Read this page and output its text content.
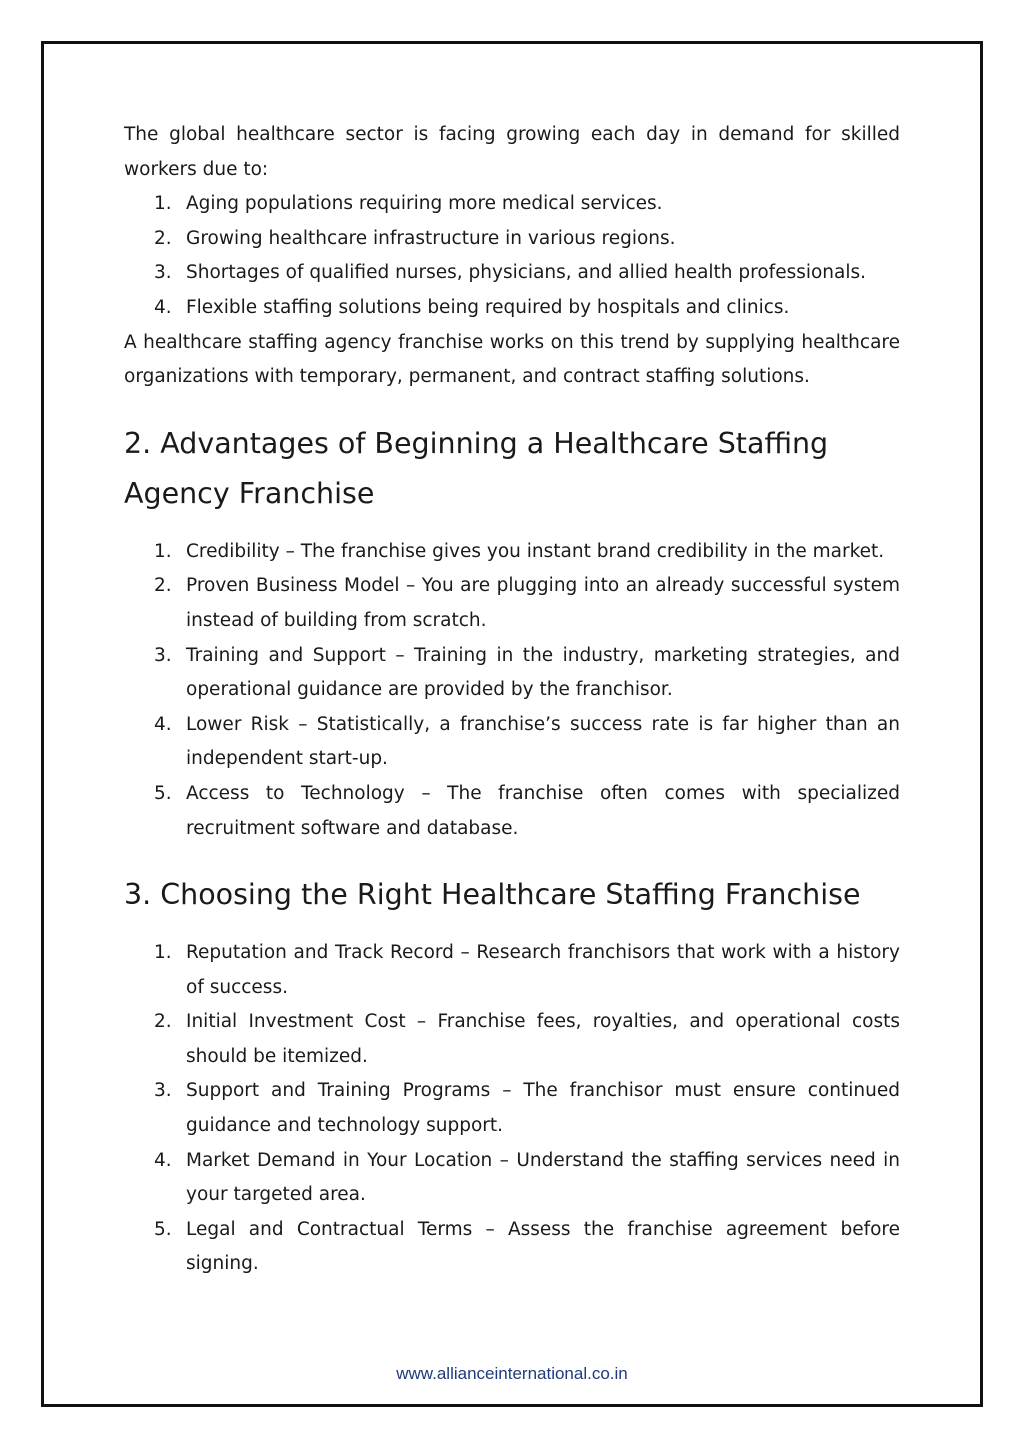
The global healthcare sector is facing growing each day in demand for skilled workers due to:

1. Aging populations requiring more medical services.
2. Growing healthcare infrastructure in various regions.
3. Shortages of qualified nurses, physicians, and allied health professionals.
4. Flexible staffing solutions being required by hospitals and clinics.

A healthcare staffing agency franchise works on this trend by supplying healthcare organizations with temporary, permanent, and contract staffing solutions.

2. Advantages of Beginning a Healthcare Staffing Agency Franchise
1. Credibility – The franchise gives you instant brand credibility in the market.
2. Proven Business Model – You are plugging into an already successful system instead of building from scratch.
3. Training and Support – Training in the industry, marketing strategies, and operational guidance are provided by the franchisor.
4. Lower Risk – Statistically, a franchise’s success rate is far higher than an independent start-up.
5. Access to Technology – The franchise often comes with specialized recruitment software and database.
3. Choosing the Right Healthcare Staffing Franchise
1. Reputation and Track Record – Research franchisors that work with a history of success.
2. Initial Investment Cost – Franchise fees, royalties, and operational costs should be itemized.
3. Support and Training Programs – The franchisor must ensure continued guidance and technology support.
4. Market Demand in Your Location – Understand the staffing services need in your targeted area.
5. Legal and Contractual Terms – Assess the franchise agreement before signing.
www.allianceinternational.co.in
